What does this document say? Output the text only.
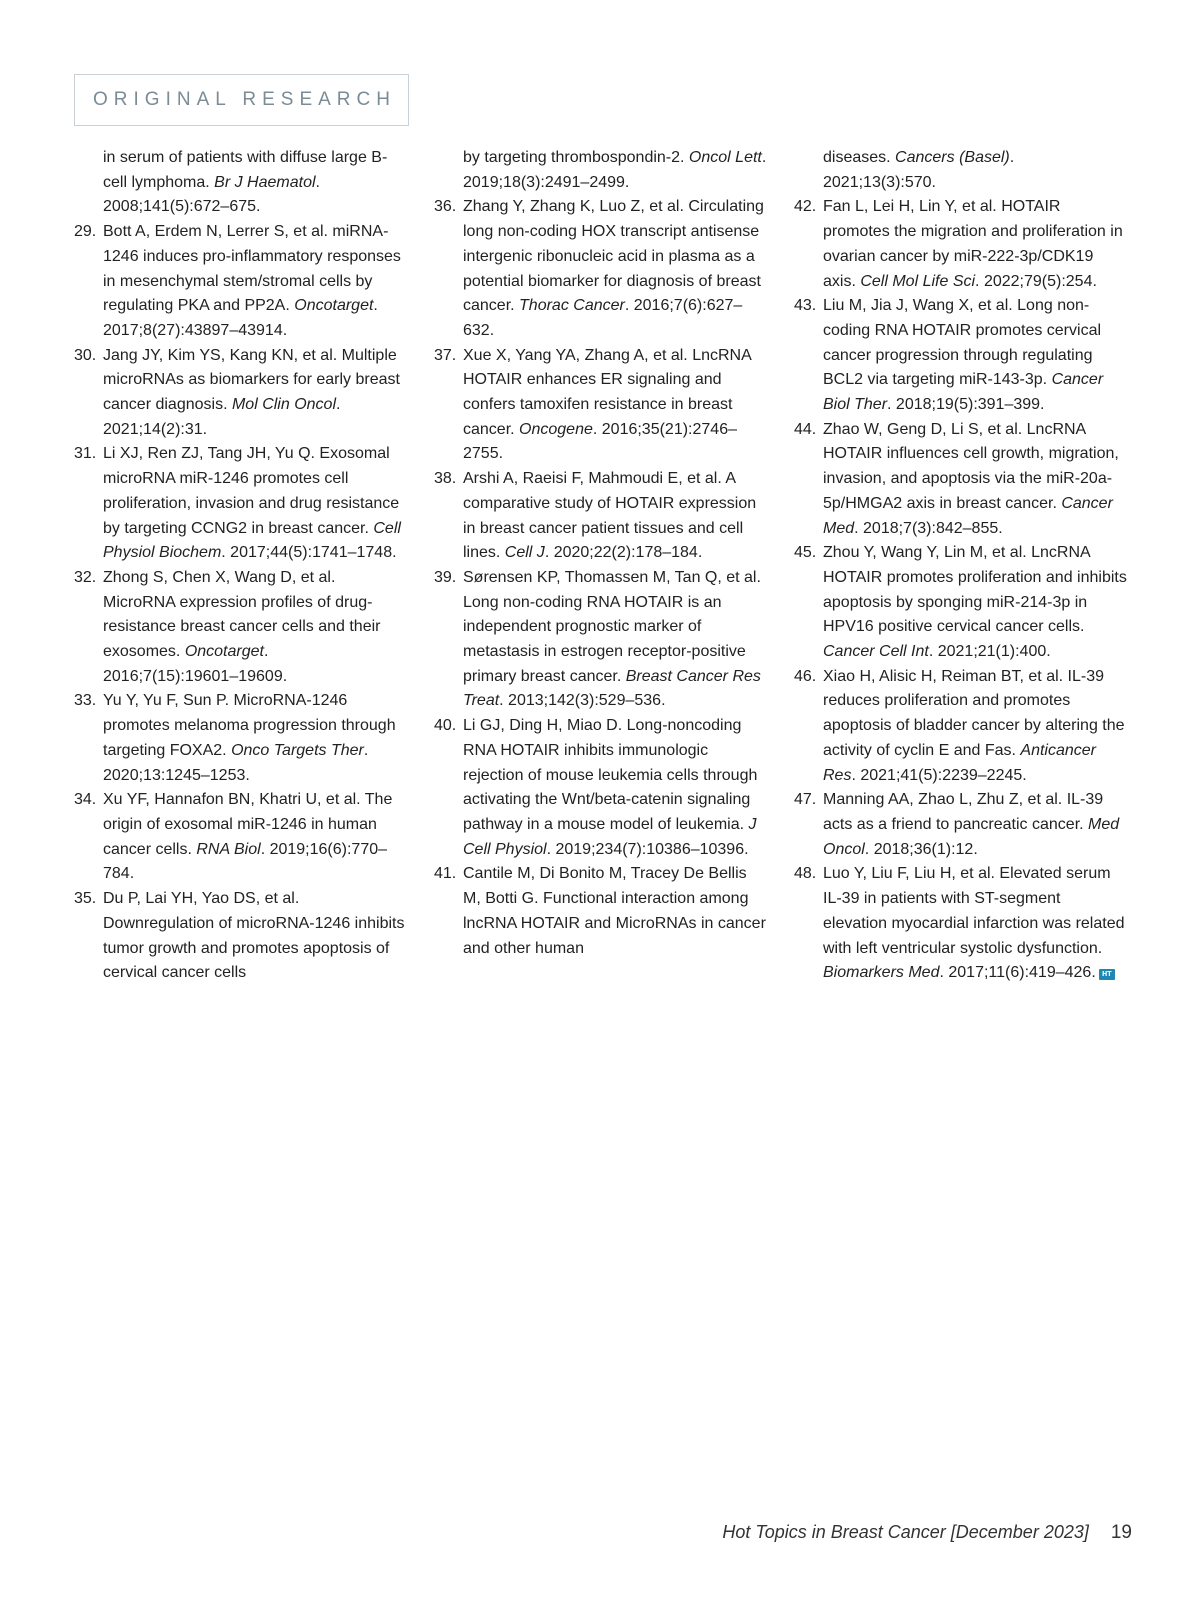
ORIGINAL RESEARCH
in serum of patients with diffuse large B-cell lymphoma. Br J Haematol. 2008;141(5):672–675.
29. Bott A, Erdem N, Lerrer S, et al. miRNA-1246 induces pro-inflammatory responses in mesenchymal stem/stromal cells by regulating PKA and PP2A. Oncotarget. 2017;8(27):43897–43914.
30. Jang JY, Kim YS, Kang KN, et al. Multiple microRNAs as biomarkers for early breast cancer diagnosis. Mol Clin Oncol. 2021;14(2):31.
31. Li XJ, Ren ZJ, Tang JH, Yu Q. Exosomal microRNA miR-1246 promotes cell proliferation, invasion and drug resistance by targeting CCNG2 in breast cancer. Cell Physiol Biochem. 2017;44(5):1741–1748.
32. Zhong S, Chen X, Wang D, et al. MicroRNA expression profiles of drug-resistance breast cancer cells and their exosomes. Oncotarget. 2016;7(15):19601–19609.
33. Yu Y, Yu F, Sun P. MicroRNA-1246 promotes melanoma progression through targeting FOXA2. Onco Targets Ther. 2020;13:1245–1253.
34. Xu YF, Hannafon BN, Khatri U, et al. The origin of exosomal miR-1246 in human cancer cells. RNA Biol. 2019;16(6):770–784.
35. Du P, Lai YH, Yao DS, et al. Downregulation of microRNA-1246 inhibits tumor growth and promotes apoptosis of cervical cancer cells
by targeting thrombospondin-2. Oncol Lett. 2019;18(3):2491–2499.
36. Zhang Y, Zhang K, Luo Z, et al. Circulating long non-coding HOX transcript antisense intergenic ribonucleic acid in plasma as a potential biomarker for diagnosis of breast cancer. Thorac Cancer. 2016;7(6):627–632.
37. Xue X, Yang YA, Zhang A, et al. LncRNA HOTAIR enhances ER signaling and confers tamoxifen resistance in breast cancer. Oncogene. 2016;35(21):2746–2755.
38. Arshi A, Raeisi F, Mahmoudi E, et al. A comparative study of HOTAIR expression in breast cancer patient tissues and cell lines. Cell J. 2020;22(2):178–184.
39. Sørensen KP, Thomassen M, Tan Q, et al. Long non-coding RNA HOTAIR is an independent prognostic marker of metastasis in estrogen receptor-positive primary breast cancer. Breast Cancer Res Treat. 2013;142(3):529–536.
40. Li GJ, Ding H, Miao D. Long-noncoding RNA HOTAIR inhibits immunologic rejection of mouse leukemia cells through activating the Wnt/beta-catenin signaling pathway in a mouse model of leukemia. J Cell Physiol. 2019;234(7):10386–10396.
41. Cantile M, Di Bonito M, Tracey De Bellis M, Botti G. Functional interaction among lncRNA HOTAIR and MicroRNAs in cancer and other human
diseases. Cancers (Basel). 2021;13(3):570.
42. Fan L, Lei H, Lin Y, et al. HOTAIR promotes the migration and proliferation in ovarian cancer by miR-222-3p/CDK19 axis. Cell Mol Life Sci. 2022;79(5):254.
43. Liu M, Jia J, Wang X, et al. Long non-coding RNA HOTAIR promotes cervical cancer progression through regulating BCL2 via targeting miR-143-3p. Cancer Biol Ther. 2018;19(5):391–399.
44. Zhao W, Geng D, Li S, et al. LncRNA HOTAIR influences cell growth, migration, invasion, and apoptosis via the miR-20a-5p/HMGA2 axis in breast cancer. Cancer Med. 2018;7(3):842–855.
45. Zhou Y, Wang Y, Lin M, et al. LncRNA HOTAIR promotes proliferation and inhibits apoptosis by sponging miR-214-3p in HPV16 positive cervical cancer cells. Cancer Cell Int. 2021;21(1):400.
46. Xiao H, Alisic H, Reiman BT, et al. IL-39 reduces proliferation and promotes apoptosis of bladder cancer by altering the activity of cyclin E and Fas. Anticancer Res. 2021;41(5):2239–2245.
47. Manning AA, Zhao L, Zhu Z, et al. IL-39 acts as a friend to pancreatic cancer. Med Oncol. 2018;36(1):12.
48. Luo Y, Liu F, Liu H, et al. Elevated serum IL-39 in patients with ST-segment elevation myocardial infarction was related with left ventricular systolic dysfunction. Biomarkers Med. 2017;11(6):419–426. HT
Hot Topics in Breast Cancer [December 2023] 19
